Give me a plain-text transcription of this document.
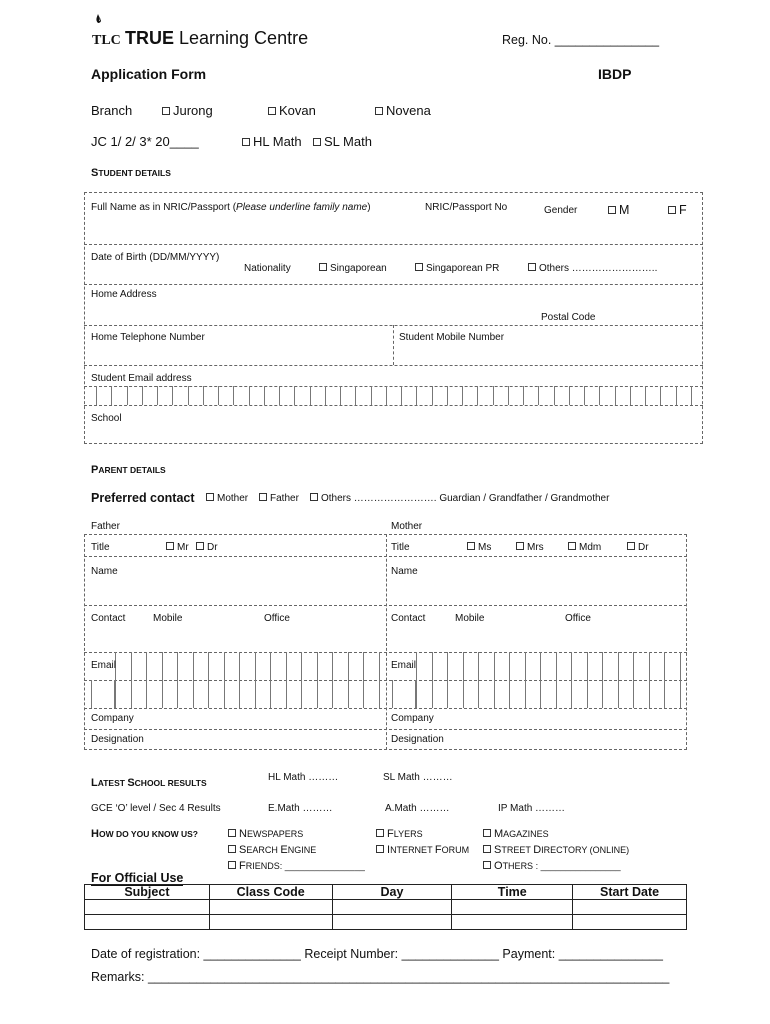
TLC TRUE Learning Centre	Reg. No. _______________
Application Form	IBDP
Branch	Jurong	Kovan	Novena
JC 1/ 2/ 3* 20____	HL Math	SL Math
STUDENT DETAILS
Full Name as in NRIC/Passport (Please underline family name)	NRIC/Passport No	Gender	M	F
Date of Birth (DD/MM/YYYY)
Nationality	Singaporean	Singaporean PR	Others ……………………..
Home Address
Postal Code
Home Telephone Number	Student Mobile Number
Student Email address
School
PARENT DETAILS
Preferred contact	Mother	Father	Others ……………………. Guardian / Grandfather / Grandmother
Father	Mother
Title	Mr	Dr	Title	Ms	Mrs	Mdm	Dr
Name	Name
Contact	Mobile	Office	Contact	Mobile	Office
Email	Email
Company	Company
Designation	Designation
LATEST SCHOOL RESULTS	HL Math ………	SL Math ………
GCE ‘O’ level / Sec 4 Results	E.Math ………	A.Math ………	IP Math ………
HOW DO YOU KNOW US?	NEWSPAPERS
SEARCH ENGINE
FRIENDS: ________________
FLYERS
INTERNET FORUM
MAGAZINES
STREET DIRECTORY (ONLINE)
OTHERS : ________________
For Official Use
Subject	Class Code	Day	Time	Start Date

Date of registration: ______________ Receipt Number: ______________ Payment: _______________
Remarks: ___________________________________________________________________________
